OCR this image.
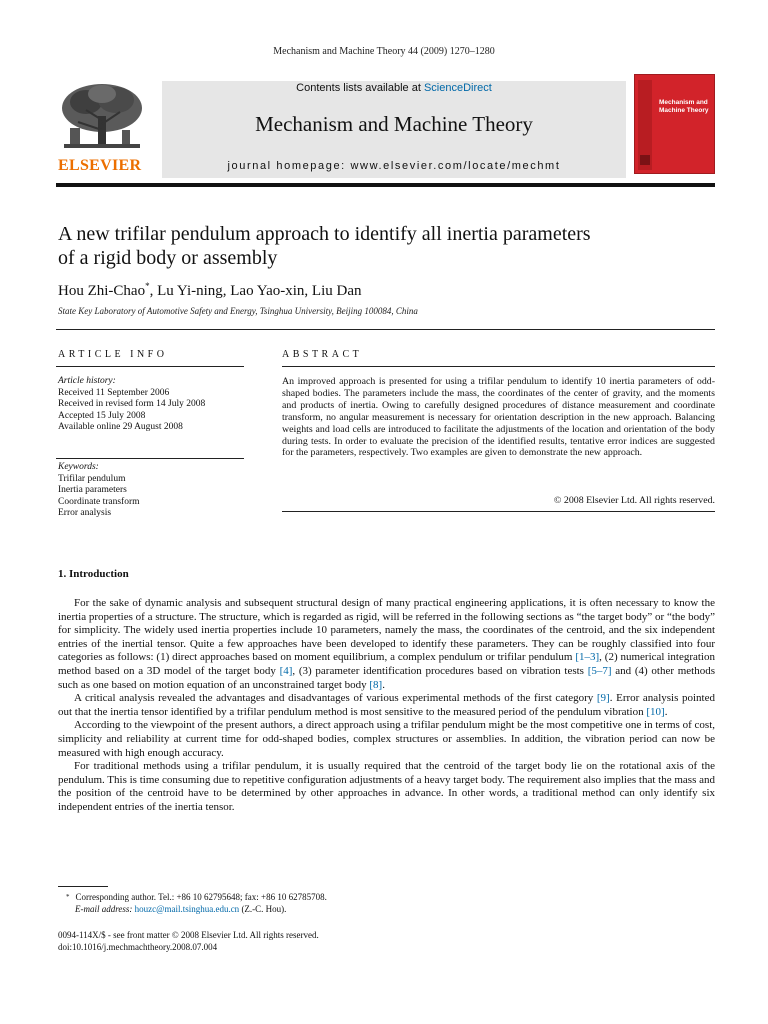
Mechanism and Machine Theory 44 (2009) 1270–1280
ELSEVIER
Contents lists available at ScienceDirect
Mechanism and Machine Theory
journal homepage: www.elsevier.com/locate/mechmt
Mechanism and
Machine Theory
A new trifilar pendulum approach to identify all inertia parameters
of a rigid body or assembly
Hou Zhi-Chao*, Lu Yi-ning, Lao Yao-xin, Liu Dan
State Key Laboratory of Automotive Safety and Energy, Tsinghua University, Beijing 100084, China
ARTICLE INFO
Article history:
Received 11 September 2006
Received in revised form 14 July 2008
Accepted 15 July 2008
Available online 29 August 2008
Keywords:
Trifilar pendulum
Inertia parameters
Coordinate transform
Error analysis
ABSTRACT
An improved approach is presented for using a trifilar pendulum to identify 10 inertia parameters of odd-shaped bodies. The parameters include the mass, the coordinates of the center of gravity, and the moments and products of inertia. Owing to carefully designed procedures of distance measurement and coordinate transform, no angular measurement is necessary for orientation description in the new approach. Balancing weights and load cells are introduced to facilitate the adjustments of the location and orientation of the body during tests. In order to evaluate the precision of the identified results, tentative error indices are suggested for the parameters, respectively. Two examples are given to demonstrate the new approach.
© 2008 Elsevier Ltd. All rights reserved.
1. Introduction

For the sake of dynamic analysis and subsequent structural design of many practical engineering applications, it is often necessary to know the inertia properties of a structure. The structure, which is regarded as rigid, will be referred in the following sections as “the target body” or “the body” for simplicity. The widely used inertia properties include 10 parameters, namely the mass, the coordinates of the centroid, and the six independent entries of the inertial tensor. Quite a few approaches have been developed to identify these parameters. They can be roughly classified into four categories as follows: (1) direct approaches based on moment equilibrium, a complex pendulum or trifilar pendulum [1–3], (2) numerical integration method based on a 3D model of the target body [4], (3) parameter identification procedures based on vibration tests [5–7] and (4) other methods such as one based on motion equation of an unconstrained target body [8].

A critical analysis revealed the advantages and disadvantages of various experimental methods of the first category [9]. Error analysis pointed out that the inertia tensor identified by a trifilar pendulum method is most sensitive to the measured period of the pendulum vibration [10].

According to the viewpoint of the present authors, a direct approach using a trifilar pendulum might be the most competitive one in terms of cost, simplicity and reliability at current time for odd-shaped bodies, complex structures or assemblies. In addition, the vibration period can now be measured with high enough accuracy.

For traditional methods using a trifilar pendulum, it is usually required that the centroid of the target body lie on the rotational axis of the pendulum. This is time consuming due to repetitive configuration adjustments of a heavy target body. The requirement also implies that the mass and the position of the centroid have to be determined by other approaches in advance. In other words, a traditional method can only identify six independent entries of the inertia tensor.

* Corresponding author. Tel.: +86 10 62795648; fax: +86 10 62785708.
E-mail address: houzc@mail.tsinghua.edu.cn (Z.-C. Hou).
0094-114X/$ - see front matter © 2008 Elsevier Ltd. All rights reserved.
doi:10.1016/j.mechmachtheory.2008.07.004
